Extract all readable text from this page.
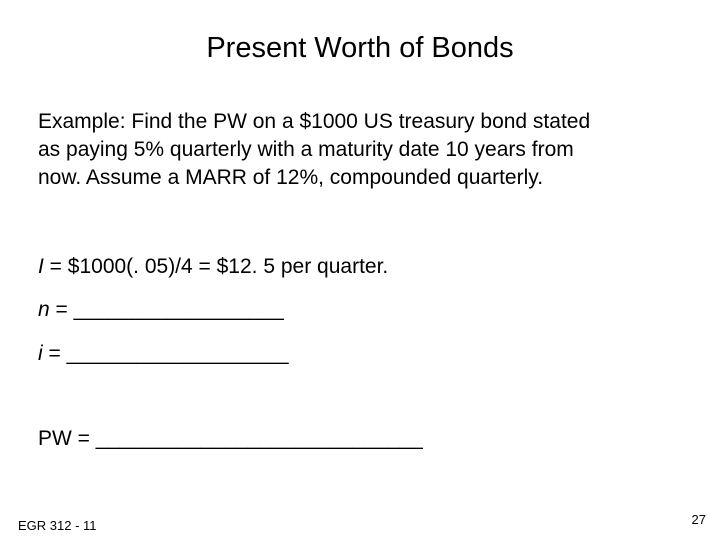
Present Worth of Bonds

Example: Find the PW on a $1000 US treasury bond stated
as paying 5% quarterly with a maturity date 10 years from
now. Assume a MARR of 12%, compounded quarterly.

I = $1000(. 05)/4 = $12. 5 per quarter.

n = __________________

i = ___________________

PW = ____________________________

EGR 312 - 11	27
